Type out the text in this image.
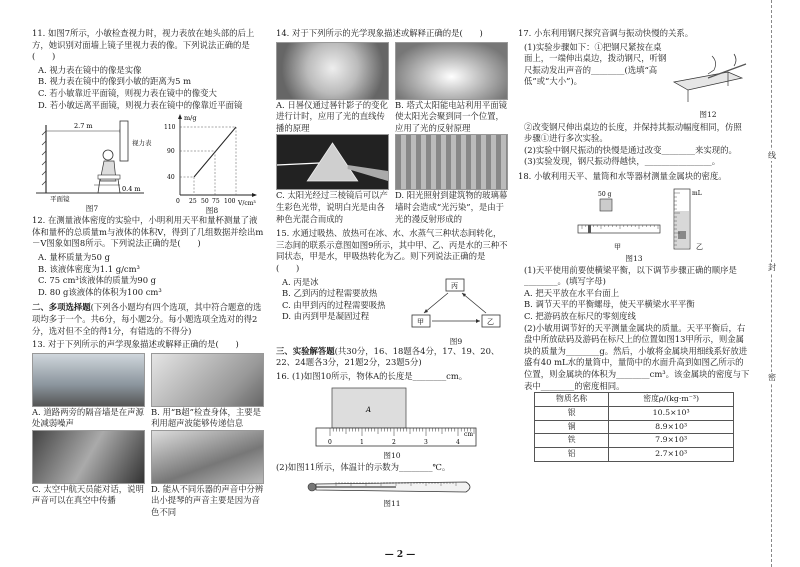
11. 如图7所示，小敏检查视力时，视力表放在她头部的后上方，她识别对面墙上镜子里视力表的像。下列说法正确的是(　　)

A. 视力表在镜中的像是实像

B. 视力表在镜中的像到小敏的距离为5 m

C. 若小敏靠近平面镜，则视力表在镜中的像变大

D. 若小敏远离平面镜，则视力表在镜中的像靠近平面镜

2.7 m
0.4 m
平面镜
视力表
图7
m/g
V/cm³
110
90
40
0 25 50 75 100
图8

12. 在测量液体密度的实验中，小明利用天平和量杯测量了液体和量杯的总质量m与液体的体积V，得到了几组数据并绘出m－V图象如图8所示。下列说法正确的是(　　)

A. 量杯质量为50 g

B. 该液体密度为1.1 g/cm³

C. 75 cm³该液体的质量为90 g

D. 80 g该液体的体积为100 cm³

二、多项选择题(下列各小题均有四个选项，其中符合题意的选项均多于一个。共6分，每小题2分。每小题选项全选对的得2分，选对但不全的得1分，有错选的不得分)

13. 对于下列所示的声学现象描述或解释正确的是(　　)

A. 道路两旁的隔音墙是在声源处减弱噪声

B. 用“B超”检查身体，主要是利用超声波能够传递信息

C. 太空中航天员能对话，说明声音可以在真空中传播

D. 能从不同乐器的声音中分辨出小提琴的声音主要是因为音色不同

14. 对于下列所示的光学现象描述或解释正确的是(　　)

A. 日晷仪通过晷针影子的变化进行计时，应用了光的直线传播的原理

B. 塔式太阳能电站利用平面镜使太阳光会聚到同一个位置，应用了光的反射原理

C. 太阳光经过三棱镜后可以产生彩色光带，说明白光是由各种色光混合而成的

D. 阳光照射到建筑物的玻璃幕墙时会造成“光污染”，是由于光的漫反射形成的

15. 水通过吸热、放热可在冰、水、水蒸气三种状态间转化，三态间的联系示意图如图9所示，其中甲、乙、丙是水的三种不同状态，甲是水，甲吸热转化为乙。则下列说法正确的是(　　)

A. 丙是冰

B. 乙到丙的过程需要放热

C. 由甲到丙的过程需要吸热

D. 由丙到甲是凝固过程

丙
甲	乙
图9

三、实验解答题(共30分，16、18题各4分，17、19、20、22、24题各3分，21题2分，23题5分)

16. (1)如图10所示，物体A的长度是________cm。

A
0	1	2	3	4
cm
图10

(2)如图11所示，体温计的示数为________℃。

图11

17. 小东利用钢尺探究音调与振动快慢的关系。

(1)实验步骤如下：①把钢尺紧按在桌面上，一端伸出桌边，拨动钢尺，听钢尺振动发出声音的________(选填“高低”或“大小”)。

图12

②改变钢尺伸出桌边的长度，并保持其振动幅度相同，仿照步骤①进行多次实验。

(2)实验中钢尺振动的快慢是通过改变________来实现的。

(3)实验发现，钢尺振动得越快，________________。

18. 小敏利用天平、量筒和水等器材测量金属块的密度。

50 g	mL
甲	乙
图13

(1)天平使用前要使横梁平衡，以下调节步骤正确的顺序是________。(填写字母)

A. 把天平放在水平台面上

B. 调节天平的平衡螺母，使天平横梁水平平衡

C. 把游码放在标尺的零刻度线

(2)小敏用调节好的天平测量金属块的质量。天平平衡后，右盘中所放砝码及游码在标尺上的位置如图13甲所示，则金属块的质量为________g。然后，小敏将金属块用细线系好放进盛有40 mL水的量筒中，量筒中的水面升高到如图乙所示的位置，则金属块的体积为________cm³。该金属块的密度与下表中________的密度相同。

物质名称	密度ρ/(kg·m⁻³)
银	10.5×10³
铜	8.9×10³
铁	7.9×10³
铝	2.7×10³
线
封
密
— 2 —
